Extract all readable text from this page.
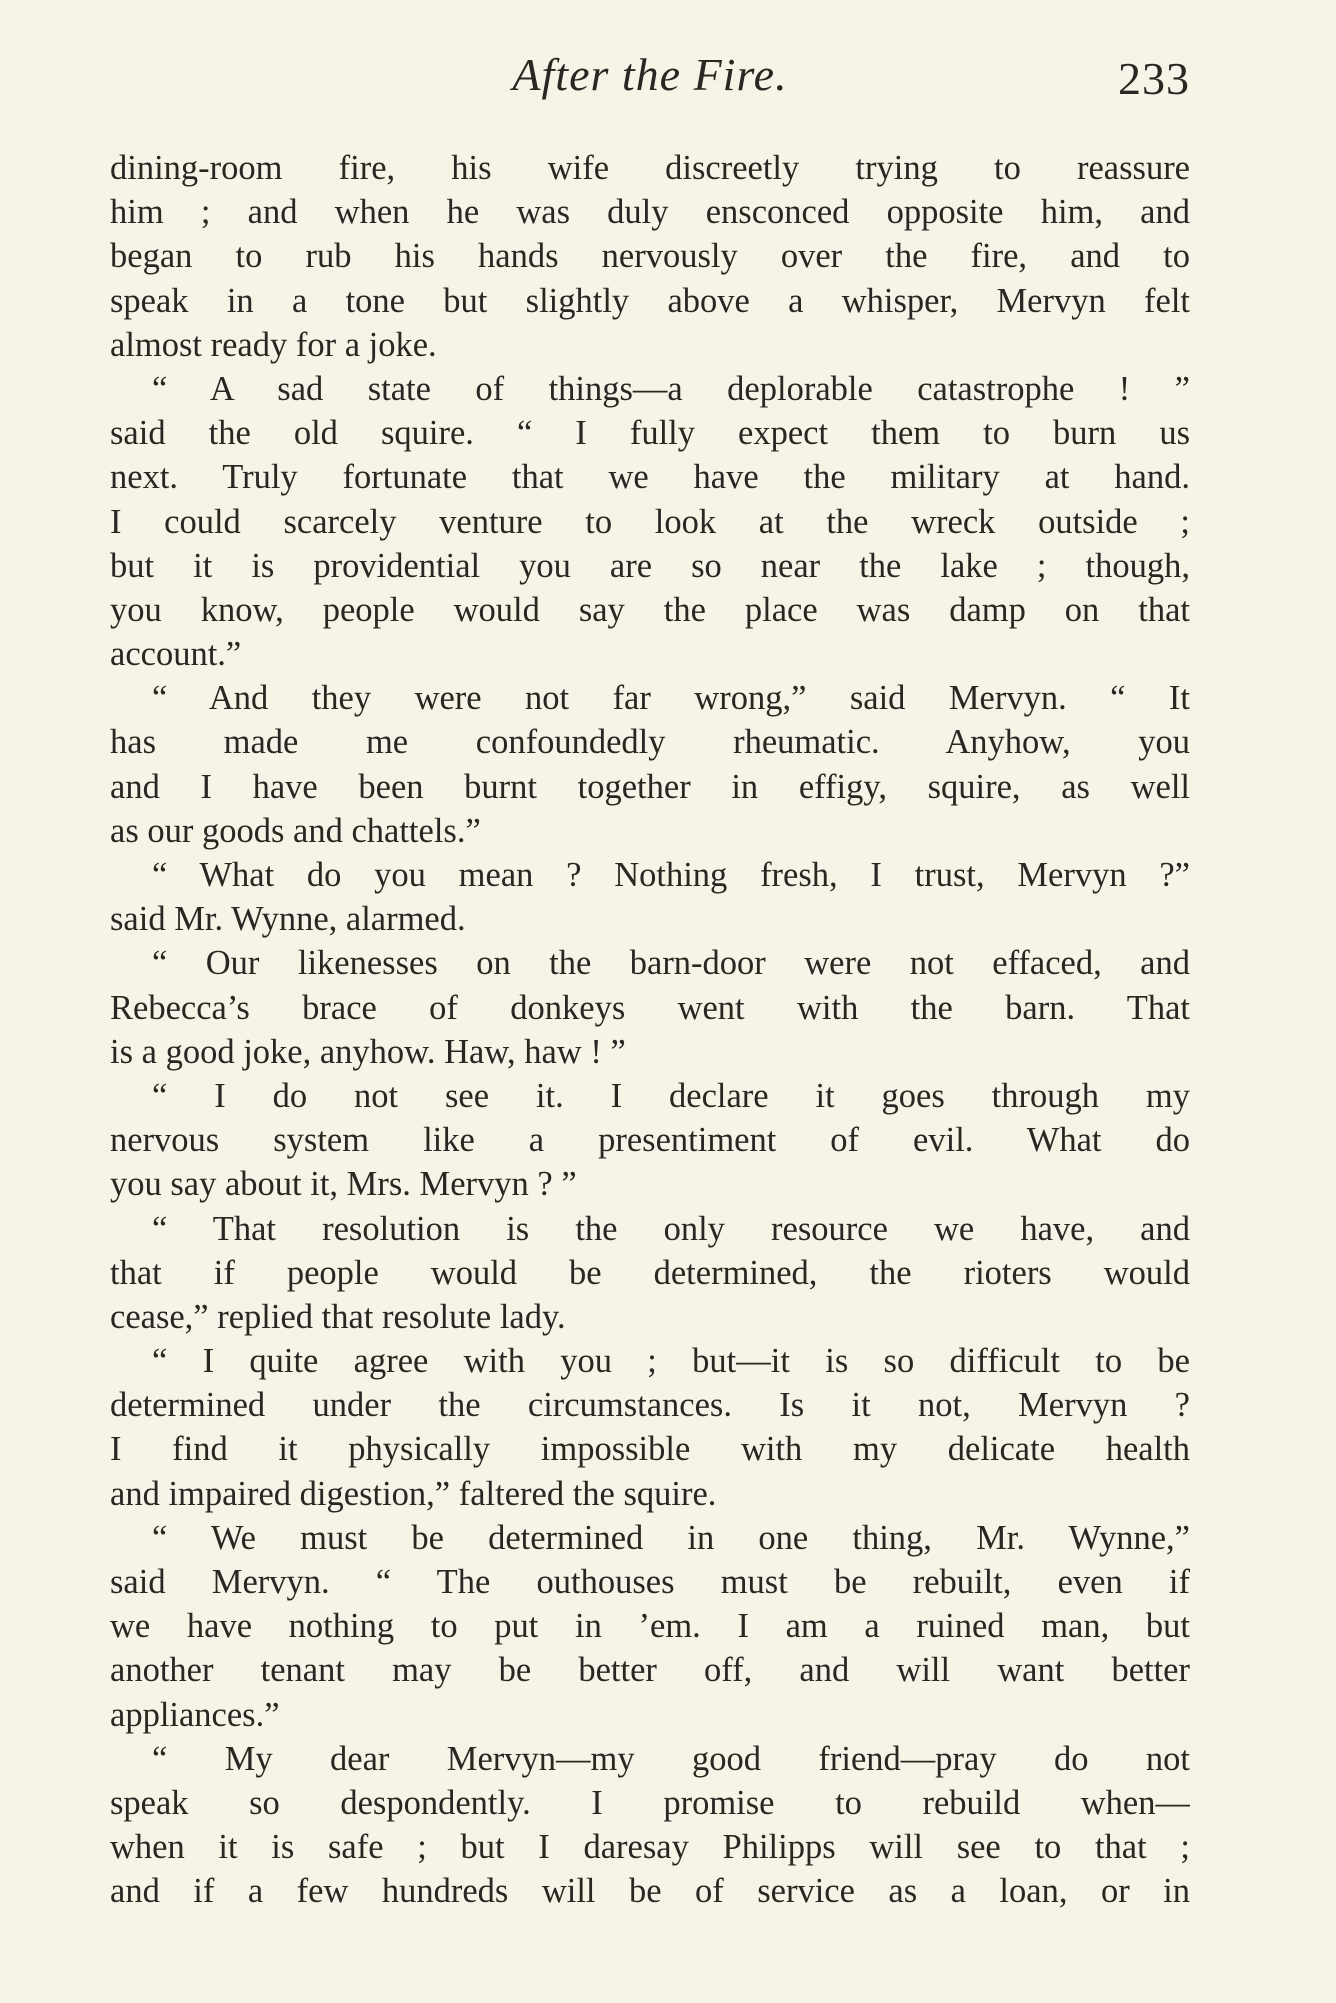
After the Fire.	233
dining-room fire, his wife discreetly trying to reassure
him ; and when he was duly ensconced opposite him, and
began to rub his hands nervously over the fire, and to
speak in a tone but slightly above a whisper, Mervyn felt
almost ready for a joke.
“ A sad state of things—a deplorable catastrophe ! ”
said the old squire. “ I fully expect them to burn us
next. Truly fortunate that we have the military at hand.
I could scarcely venture to look at the wreck outside ;
but it is providential you are so near the lake ; though,
you know, people would say the place was damp on that
account.”
“ And they were not far wrong,” said Mervyn. “ It
has made me confoundedly rheumatic. Anyhow, you
and I have been burnt together in effigy, squire, as well
as our goods and chattels.”
“ What do you mean ? Nothing fresh, I trust, Mervyn ?”
said Mr. Wynne, alarmed.
“ Our likenesses on the barn-door were not effaced, and
Rebecca’s brace of donkeys went with the barn. That
is a good joke, anyhow. Haw, haw ! ”
“ I do not see it. I declare it goes through my
nervous system like a presentiment of evil. What do
you say about it, Mrs. Mervyn ? ”
“ That resolution is the only resource we have, and
that if people would be determined, the rioters would
cease,” replied that resolute lady.
“ I quite agree with you ; but—it is so difficult to be
determined under the circumstances. Is it not, Mervyn ?
I find it physically impossible with my delicate health
and impaired digestion,” faltered the squire.
“ We must be determined in one thing, Mr. Wynne,”
said Mervyn. “ The outhouses must be rebuilt, even if
we have nothing to put in ’em. I am a ruined man, but
another tenant may be better off, and will want better
appliances.”
“ My dear Mervyn—my good friend—pray do not
speak so despondently. I promise to rebuild when—
when it is safe ; but I daresay Philipps will see to that ;
and if a few hundreds will be of service as a loan, or in
